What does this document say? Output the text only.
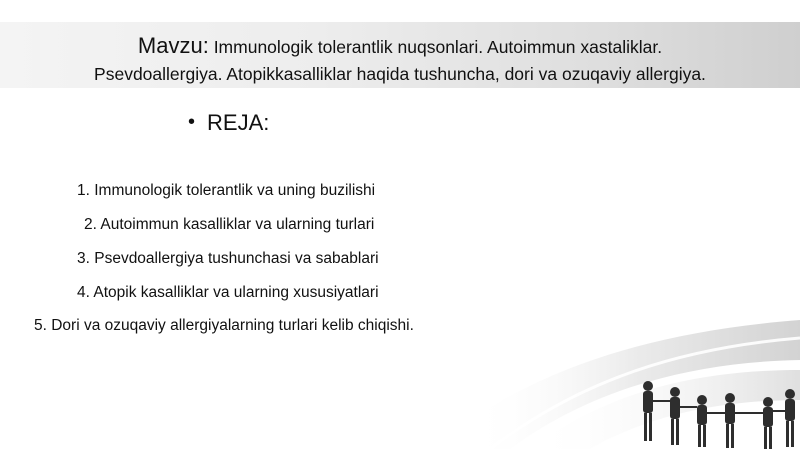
Mavzu: Immunologik tolerantlik nuqsonlari. Autoimmun xastaliklar.
Psevdoallergiya. Atopikkasalliklar haqida tushuncha, dori va ozuqaviy allergiya.
• REJA:
1. Immunologik tolerantlik va uning buzilishi
2. Autoimmun kasalliklar va ularning turlari
3. Psevdoallergiya tushunchasi va sabablari
4. Atopik kasalliklar va ularning xususiyatlari
5. Dori va ozuqaviy allergiyalarning turlari kelib chiqishi.
